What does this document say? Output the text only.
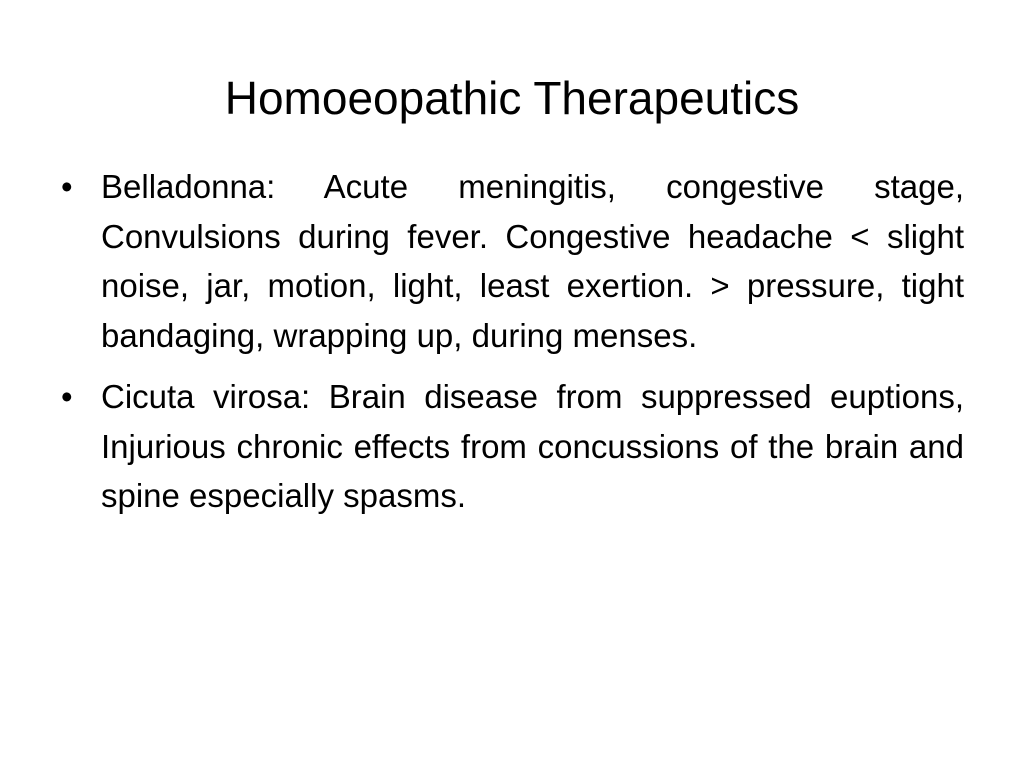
Homoeopathic Therapeutics
• Belladonna: Acute meningitis, congestive stage, Convulsions during fever. Congestive headache < slight noise, jar, motion, light, least exertion. > pressure, tight bandaging, wrapping up, during menses.
• Cicuta virosa: Brain disease from suppressed euptions, Injurious chronic effects from concussions of the brain and spine especially spasms.
